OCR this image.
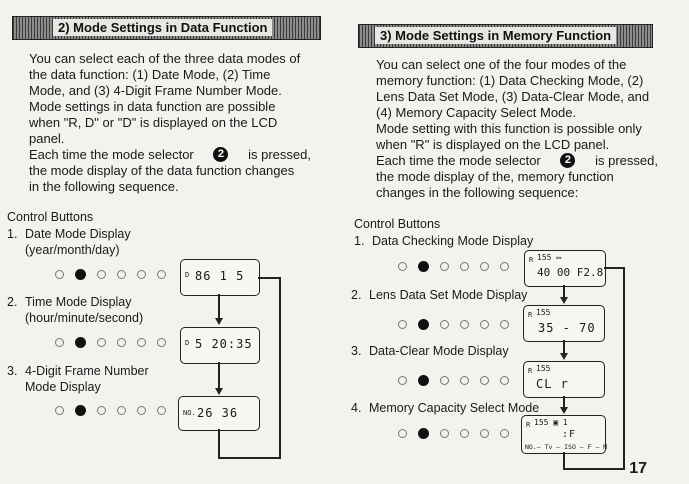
2) Mode Settings in Data Function
You can select each of the three data modes of
the data function: (1) Date Mode, (2) Time
Mode, and (3) 4-Digit Frame Number Mode.
Mode settings in data function are possible
when "R, D" or "D" is displayed on the LCD
panel.
Each time the mode selector	2	is pressed,
the mode display of the data function changes
in the following sequence.
Control Buttons
1. Date Mode Display
(year/month/day)
D 86 1 5
2. Time Mode Display
(hour/minute/second)
D 5 20:35
3. 4-Digit Frame Number
Mode Display
NO. 26 36
3) Mode Settings in Memory Function
You can select one of the four modes of the
memory function: (1) Data Checking Mode, (2)
Lens Data Set Mode, (3) Data-Clear Mode, and
(4) Memory Capacity Select Mode.
Mode setting with this function is possible only
when "R" is displayed on the LCD panel.
Each time the mode selector	2	is pressed,
the mode display of the, memory function
changes in the following sequence:
Control Buttons
1. Data Checking Mode Display
R 155 ▭
40 00 F2.8
2. Lens Data Set Mode Display
R 155
35 - 70
3. Data-Clear Mode Display
R 155
CL r
4. Memory Capacity Select Mode
R 155 ▣ 1
:F
NO.— Tv — ISO — F — M
17
